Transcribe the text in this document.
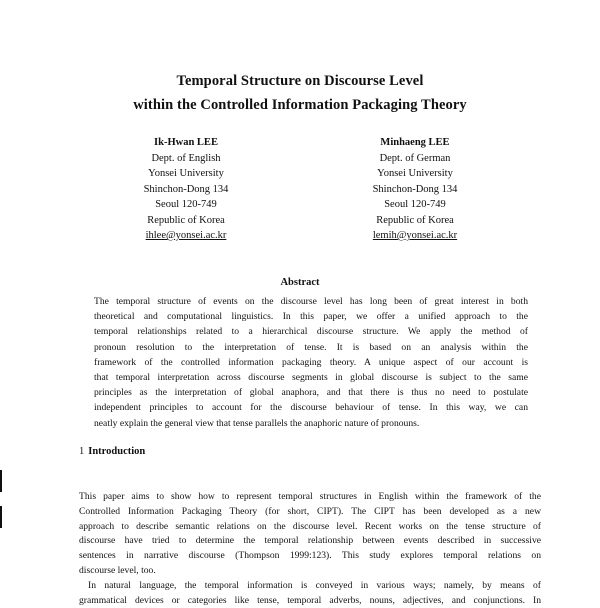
Temporal Structure on Discourse Level
within the Controlled Information Packaging Theory
Ik-Hwan LEE
Dept. of English
Yonsei University
Shinchon-Dong 134
Seoul 120-749
Republic of Korea
ihlee@yonsei.ac.kr
Minhaeng LEE
Dept. of German
Yonsei University
Shinchon-Dong 134
Seoul 120-749
Republic of Korea
lemih@yonsei.ac.kr
Abstract
The temporal structure of events on the discourse level has long been of great interest in both
theoretical and computational linguistics. In this paper, we offer a unified approach to the
temporal relationships related to a hierarchical discourse structure. We apply the method of
pronoun resolution to the interpretation of tense. It is based on an analysis within the
framework of the controlled information packaging theory. A unique aspect of our account is
that temporal interpretation across discourse segments in global discourse is subject to the same
principles as the interpretation of global anaphora, and that there is thus no need to postulate
independent principles to account for the discourse behaviour of tense. In this way, we can
neatly explain the general view that tense parallels the anaphoric nature of pronouns.
1 Introduction
This paper aims to show how to represent temporal structures in English within the framework of the
Controlled Information Packaging Theory (for short, CIPT). The CIPT has been developed as a new
approach to describe semantic relations on the discourse level. Recent works on the tense structure of
discourse have tried to determine the temporal relationship between events described in successive
sentences in narrative discourse (Thompson 1999:123). This study explores temporal relations on
discourse level, too.
In natural language, the temporal information is conveyed in various ways; namely, by means of
grammatical devices or categories like tense, temporal adverbs, nouns, adjectives, and conjunctions. In
